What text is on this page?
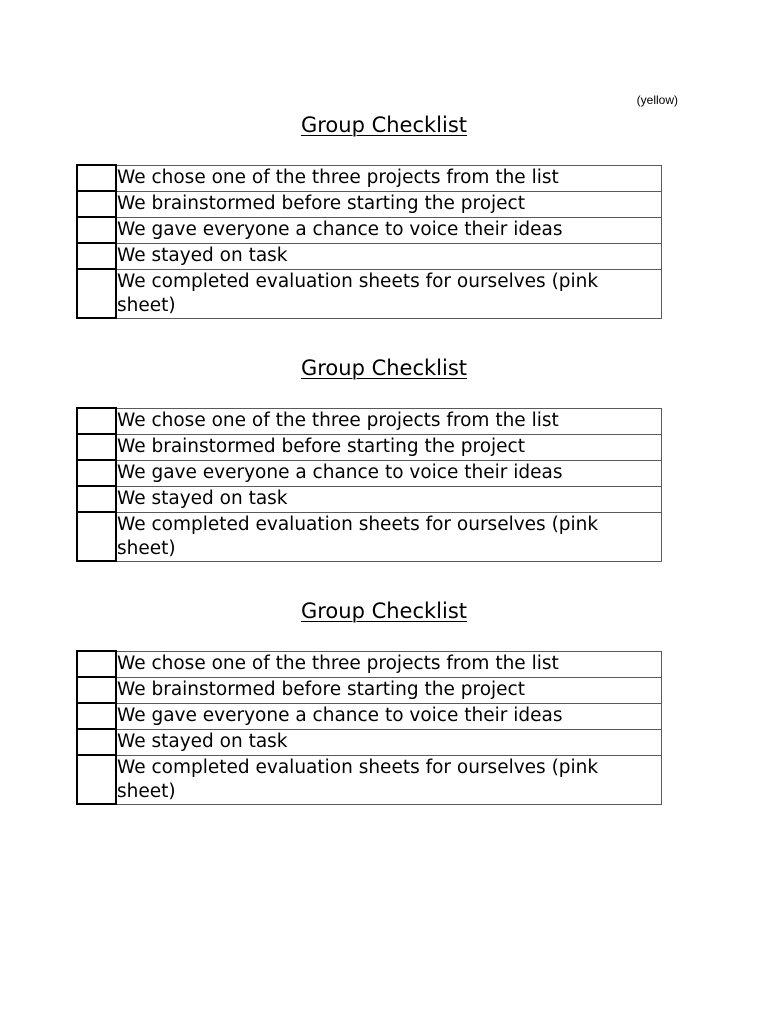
(yellow)
Group Checklist
	We chose one of the three projects from the list
	We brainstormed before starting the project
	We gave everyone a chance to voice their ideas
	We stayed on task
	We completed evaluation sheets for ourselves (pink sheet)
Group Checklist
	We chose one of the three projects from the list
	We brainstormed before starting the project
	We gave everyone a chance to voice their ideas
	We stayed on task
	We completed evaluation sheets for ourselves (pink sheet)
Group Checklist
	We chose one of the three projects from the list
	We brainstormed before starting the project
	We gave everyone a chance to voice their ideas
	We stayed on task
	We completed evaluation sheets for ourselves (pink sheet)
